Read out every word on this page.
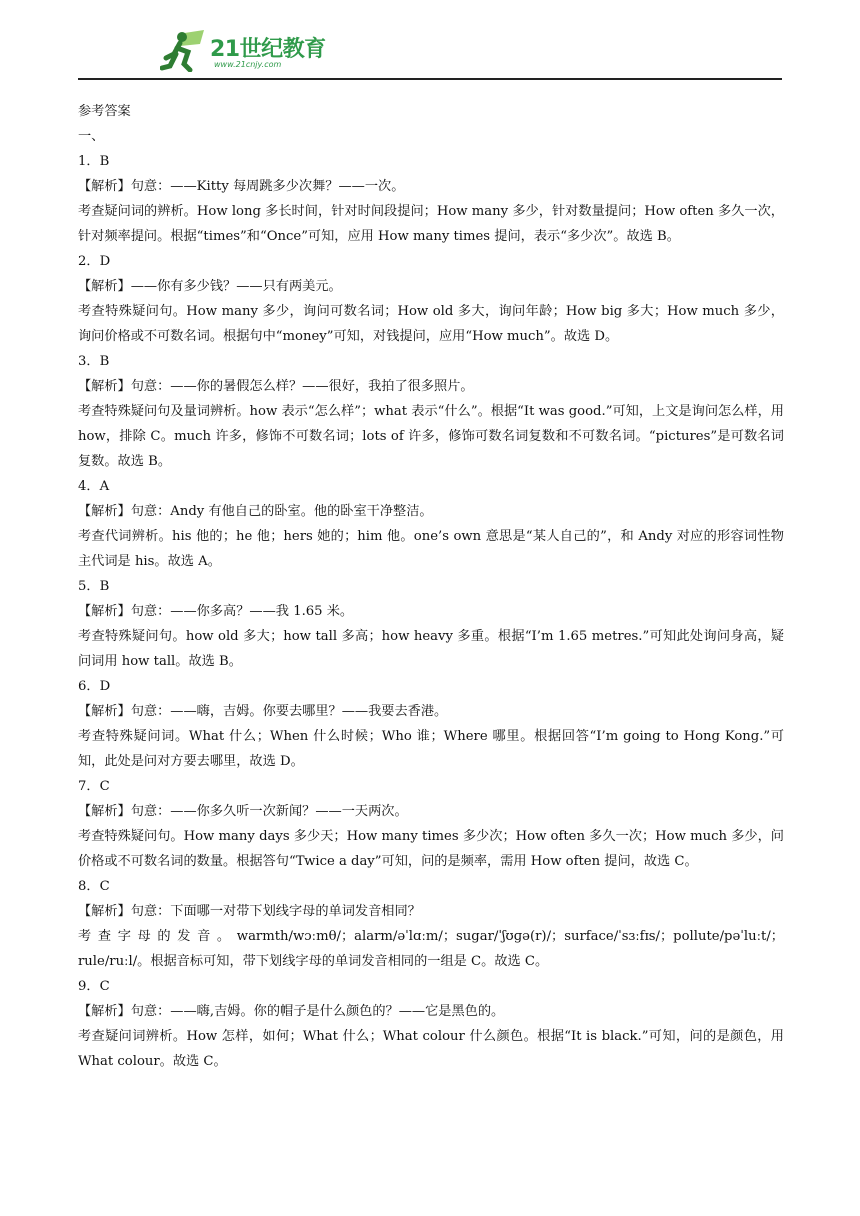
21世纪教育
www.21cnjy.com
参考答案
一、
1．B
【解析】句意：——Kitty 每周跳多少次舞？——一次。
考查疑问词的辨析。How long 多长时间，针对时间段提问；How many 多少，针对数量提问；How often 多久一次，针对频率提问。根据“times”和“Once”可知，应用 How many times 提问，表示“多少次”。故选 B。
2．D
【解析】——你有多少钱？——只有两美元。
考查特殊疑问句。How many 多少，询问可数名词；How old 多大，询问年龄；How big 多大；How much 多少，询问价格或不可数名词。根据句中“money”可知，对钱提问，应用“How much”。故选 D。
3．B
【解析】句意：——你的暑假怎么样？——很好，我拍了很多照片。
考查特殊疑问句及量词辨析。how 表示“怎么样”；what 表示“什么”。根据“It was good.”可知，上文是询问怎么样，用 how，排除 C。much 许多，修饰不可数名词；lots of 许多，修饰可数名词复数和不可数名词。“pictures”是可数名词复数。故选 B。
4．A
【解析】句意：Andy 有他自己的卧室。他的卧室干净整洁。
考查代词辨析。his 他的；he 他；hers 她的；him 他。one’s own 意思是“某人自己的”，和 Andy 对应的形容词性物主代词是 his。故选 A。
5．B
【解析】句意：——你多高？——我 1.65 米。
考查特殊疑问句。how old 多大；how tall 多高；how heavy 多重。根据“I’m 1.65 metres.”可知此处询问身高，疑问词用 how tall。故选 B。
6．D
【解析】句意：——嗨，吉姆。你要去哪里？——我要去香港。
考查特殊疑问词。What 什么；When 什么时候；Who 谁；Where 哪里。根据回答“I’m going to Hong Kong.”可知，此处是问对方要去哪里，故选 D。
7．C
【解析】句意：——你多久听一次新闻？——一天两次。
考查特殊疑问句。How many days 多少天；How many times 多少次；How often 多久一次；How much 多少，问价格或不可数名词的数量。根据答句“Twice a day”可知，问的是频率，需用 How often 提问，故选 C。
8．C
【解析】句意：下面哪一对带下划线字母的单词发音相同？
考查字母的发音。warmth/wɔːmθ/；alarm/əˈlɑːm/；sugar/ˈʃʊɡə(r)/；surface/ˈsɜːfɪs/；pollute/pəˈluːt/；rule/ruːl/。根据音标可知，带下划线字母的单词发音相同的一组是 C。故选 C。
9．C
【解析】句意：——嗨,吉姆。你的帽子是什么颜色的？——它是黑色的。
考查疑问词辨析。How 怎样，如何；What 什么；What colour 什么颜色。根据“It is black.”可知，问的是颜色，用 What colour。故选 C。
